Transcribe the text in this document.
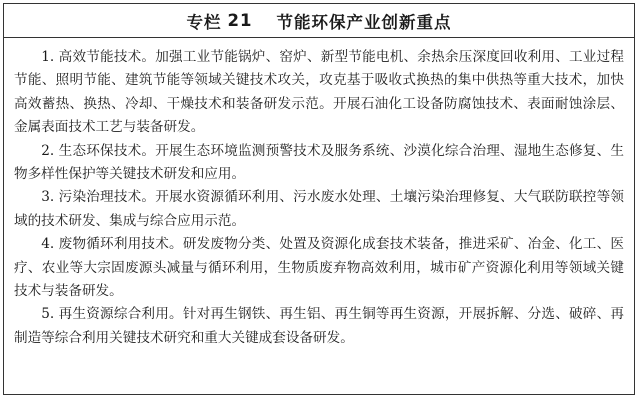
专栏 21 节能环保产业创新重点

1. 高效节能技术。加强工业节能锅炉、窑炉、新型节能电机、余热余压深度回收利用、工业过程节能、照明节能、建筑节能等领域关键技术攻关，攻克基于吸收式换热的集中供热等重大技术，加快高效蓄热、换热、冷却、干燥技术和装备研发示范。开展石油化工设备防腐蚀技术、表面耐蚀涂层、金属表面技术工艺与装备研发。

2. 生态环保技术。开展生态环境监测预警技术及服务系统、沙漠化综合治理、湿地生态修复、生物多样性保护等关键技术研发和应用。

3. 污染治理技术。开展水资源循环利用、污水废水处理、土壤污染治理修复、大气联防联控等领域的技术研发、集成与综合应用示范。

4. 废物循环利用技术。研发废物分类、处置及资源化成套技术装备，推进采矿、冶金、化工、医疗、农业等大宗固废源头减量与循环利用，生物质废弃物高效利用，城市矿产资源化利用等领域关键技术与装备研发。

5. 再生资源综合利用。针对再生钢铁、再生铝、再生铜等再生资源，开展拆解、分选、破碎、再制造等综合利用关键技术研究和重大关键成套设备研发。
